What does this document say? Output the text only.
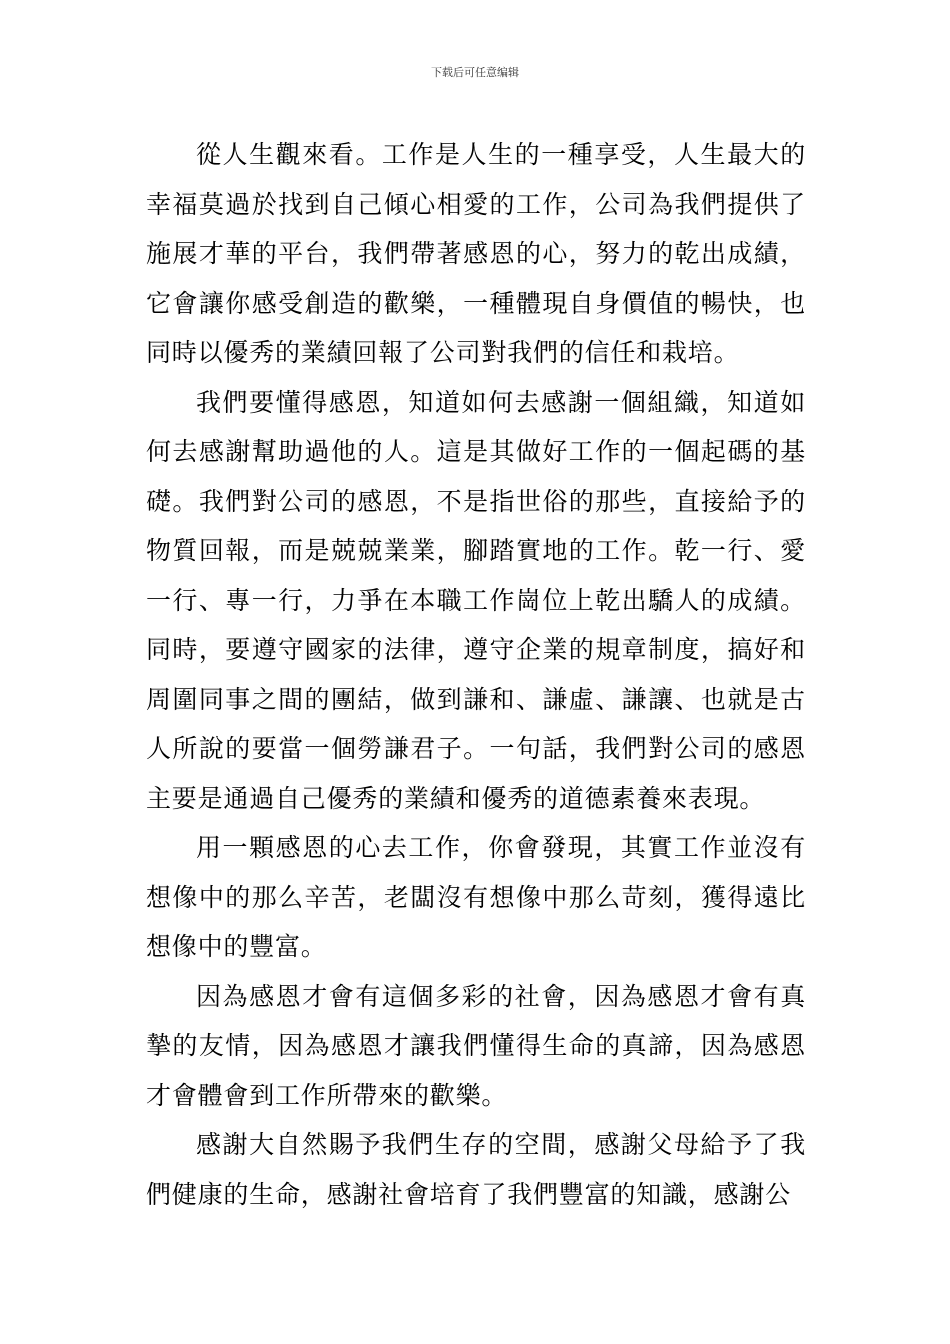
下载后可任意编辑

從人生觀來看。工作是人生的一種享受，人生最大的幸福莫過於找到自己傾心相愛的工作，公司為我們提供了施展才華的平台，我們帶著感恩的心，努力的乾出成績，它會讓你感受創造的歡樂，一種體現自身價值的暢快，也同時以優秀的業績回報了公司對我們的信任和栽培。

我們要懂得感恩，知道如何去感謝一個組織，知道如何去感謝幫助過他的人。這是其做好工作的一個起碼的基礎。我們對公司的感恩，不是指世俗的那些，直接給予的物質回報，而是兢兢業業，腳踏實地的工作。乾一行、愛一行、專一行，力爭在本職工作崗位上乾出驕人的成績。同時，要遵守國家的法律，遵守企業的規章制度，搞好和周圍同事之間的團結，做到謙和、謙虛、謙讓、也就是古人所說的要當一個勞謙君子。一句話，我們對公司的感恩主要是通過自己優秀的業績和優秀的道德素養來表現。

用一顆感恩的心去工作，你會發現，其實工作並沒有想像中的那么辛苦，老闆沒有想像中那么苛刻，獲得遠比想像中的豐富。

因為感恩才會有這個多彩的社會，因為感恩才會有真摯的友情，因為感恩才讓我們懂得生命的真諦，因為感恩才會體會到工作所帶來的歡樂。

感謝大自然賜予我們生存的空間，感謝父母給予了我們健康的生命，感謝社會培育了我們豐富的知識，感謝公
